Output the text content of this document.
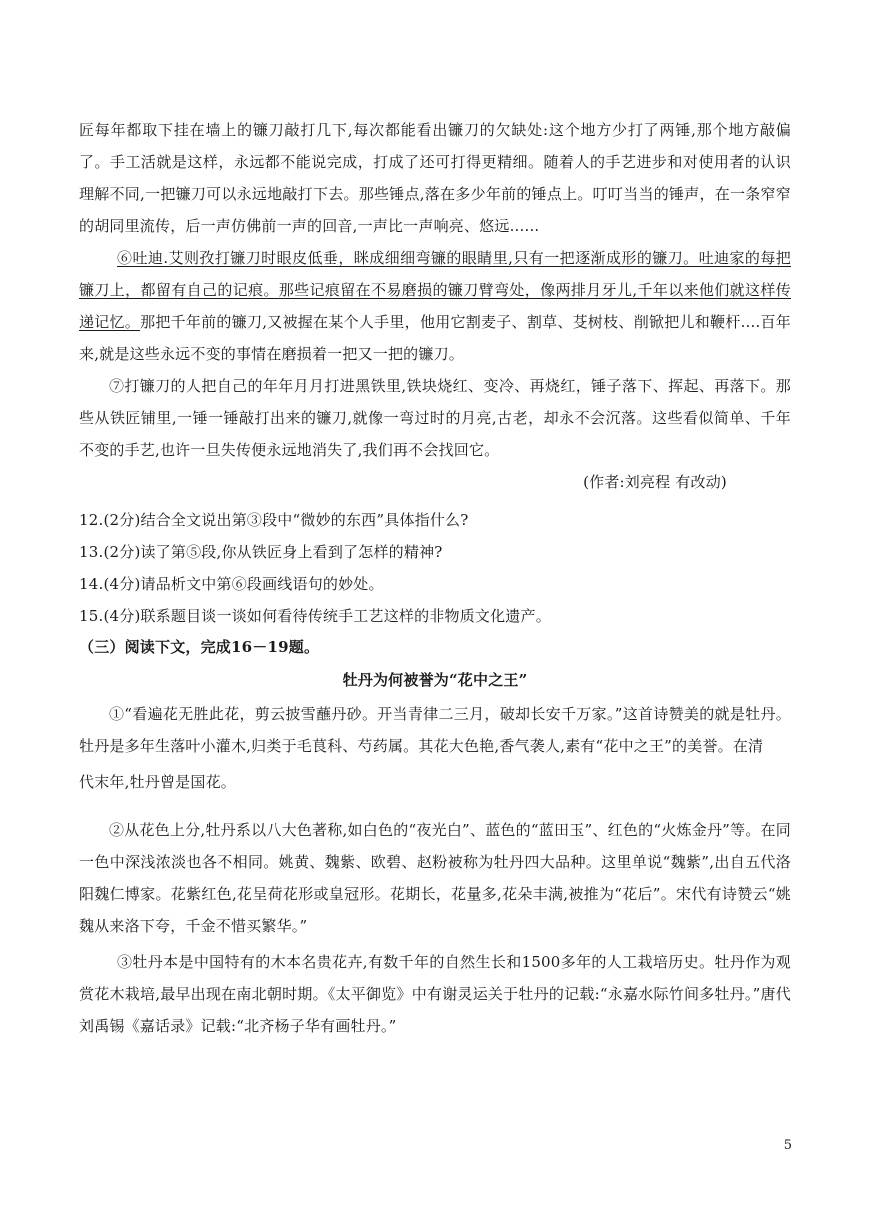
匠每年都取下挂在墙上的镰刀敲打几下,每次都能看出镰刀的欠缺处:这个地方少打了两锤,那个地方敲偏了。手工活就是这样，永远都不能说完成，打成了还可打得更精细。随着人的手艺进步和对使用者的认识理解不同,一把镰刀可以永远地敲打下去。那些锤点,落在多少年前的锤点上。叮叮当当的锤声，在一条窄窄的胡同里流传，后一声仿佛前一声的回音,一声比一声响亮、悠远......

⑥吐迪.艾则孜打镰刀时眼皮低垂，眯成细细弯镰的眼睛里,只有一把逐渐成形的镰刀。吐迪家的每把镰刀上，都留有自己的记痕。那些记痕留在不易磨损的镰刀臂弯处，像两排月牙儿,千年以来他们就这样传递记忆。那把千年前的镰刀,又被握在某个人手里，他用它割麦子、割草、芟树枝、削锨把儿和鞭杆....百年来,就是这些永远不变的事情在磨损着一把又一把的镰刀。

⑦打镰刀的人把自己的年年月月打进黑铁里,铁块烧红、变冷、再烧红，锤子落下、挥起、再落下。那些从铁匠铺里,一锤一锤敲打出来的镰刀,就像一弯过时的月亮,古老，却永不会沉落。这些看似简单、千年不变的手艺,也许一旦失传便永远地消失了,我们再不会找回它。

(作者:刘亮程 有改动)

12.(2分)结合全文说出第③段中“微妙的东西”具体指什么?

13.(2分)读了第⑤段,你从铁匠身上看到了怎样的精神?

14.(4分)请品析文中第⑥段画线语句的妙处。

15.(4分)联系题目谈一谈如何看待传统手工艺这样的非物质文化遗产。

（三）阅读下文，完成16－19题。

牡丹为何被誉为“花中之王”

①“看遍花无胜此花，剪云披雪蘸丹砂。开当青律二三月，破却长安千万家。”这首诗赞美的就是牡丹。牡丹是多年生落叶小灌木,归类于毛茛科、芍药属。其花大色艳,香气袭人,素有“花中之王”的美誉。在清

代末年,牡丹曾是国花。

②从花色上分,牡丹系以八大色著称,如白色的“夜光白”、蓝色的“蓝田玉”、红色的“火炼金丹”等。在同一色中深浅浓淡也各不相同。姚黄、魏紫、欧碧、赵粉被称为牡丹四大品种。这里单说“魏紫”,出自五代洛阳魏仁博家。花紫红色,花呈荷花形或皇冠形。花期长，花量多,花朵丰满,被推为“花后”。宋代有诗赞云“姚魏从来洛下夸，千金不惜买繁华。”

③牡丹本是中国特有的木本名贵花卉,有数千年的自然生长和1500多年的人工栽培历史。牡丹作为观赏花木栽培,最早出现在南北朝时期。《太平御览》中有谢灵运关于牡丹的记载:“永嘉水际竹间多牡丹。”唐代刘禹锡《嘉话录》记载:“北齐杨子华有画牡丹。”

5
